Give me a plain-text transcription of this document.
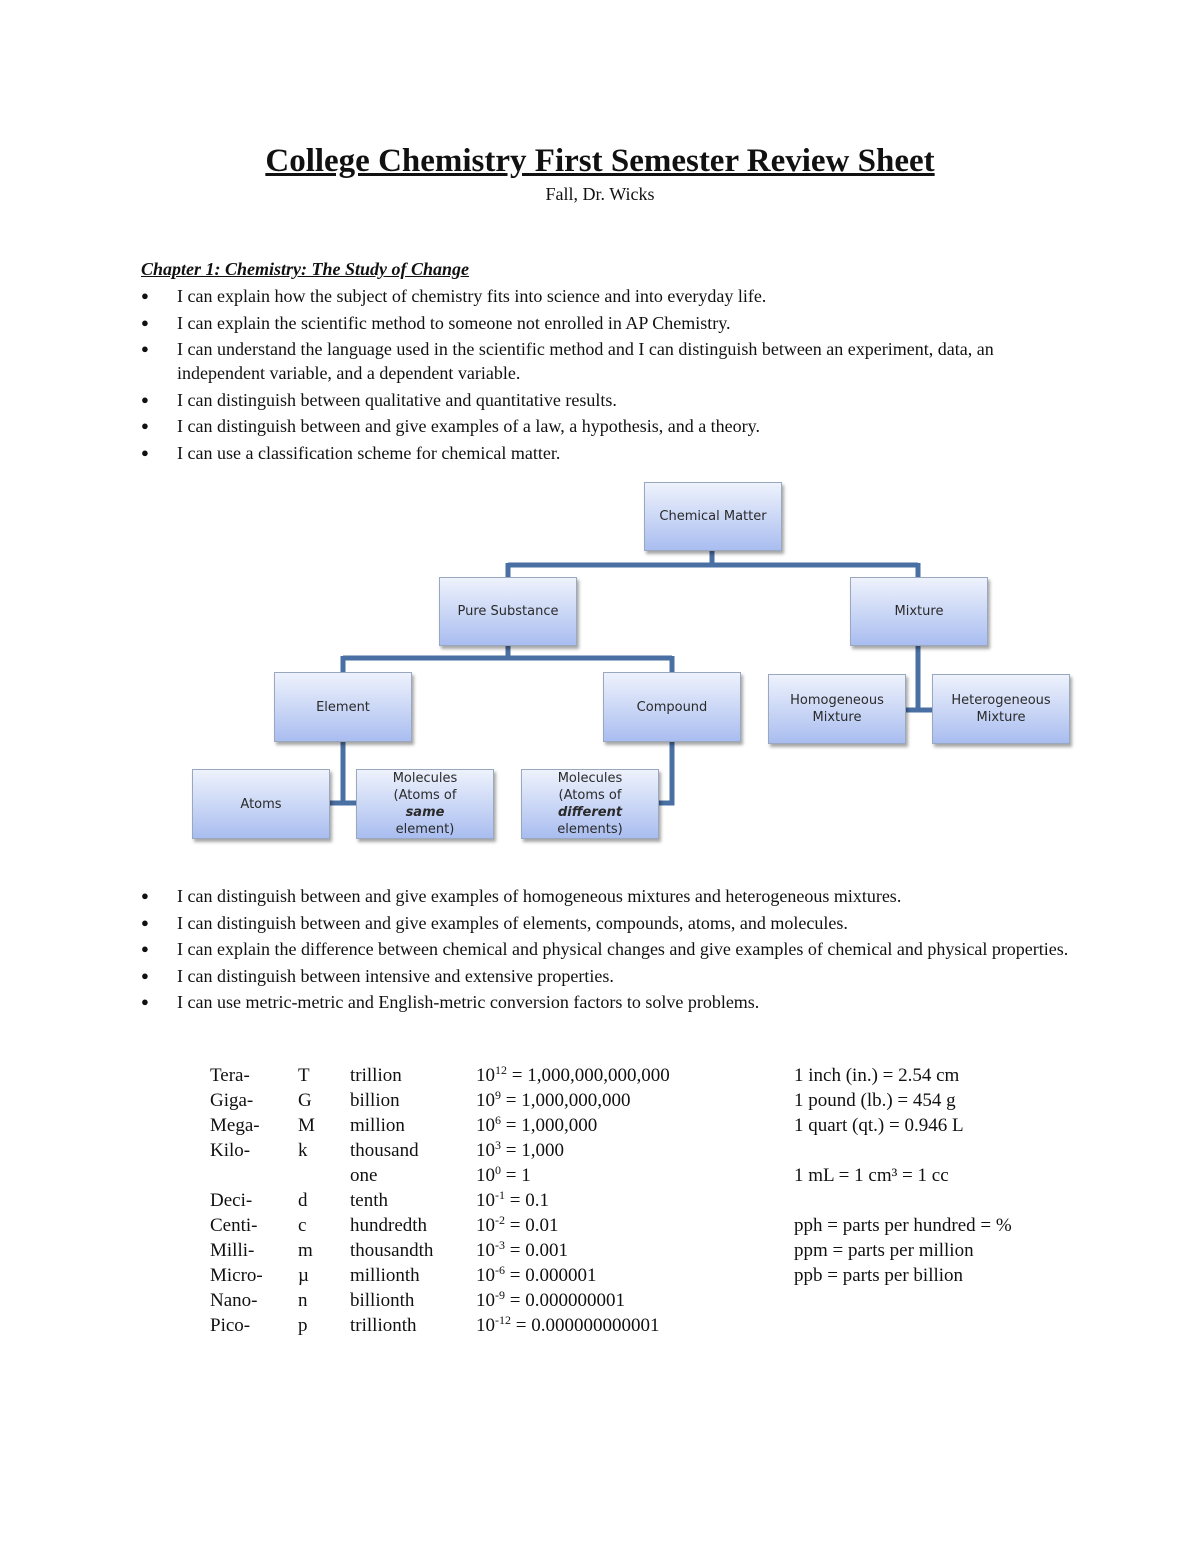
College Chemistry First Semester Review Sheet

Fall, Dr. Wicks

Chapter 1: Chemistry: The Study of Change

● I can explain how the subject of chemistry fits into science and into everyday life.
● I can explain the scientific method to someone not enrolled in AP Chemistry.
● I can understand the language used in the scientific method and I can distinguish between an experiment, data, an independent variable, and a dependent variable.
● I can distinguish between qualitative and quantitative results.
● I can distinguish between and give examples of a law, a hypothesis, and a theory.
● I can use a classification scheme for chemical matter.
Chemical Matter
Pure Substance	Mixture
Element	Compound	Homogeneous
Mixture
Heterogeneous
Mixture
Atoms
Molecules
(Atoms of
same
element)
Molecules
(Atoms of
different
elements)
● I can distinguish between and give examples of homogeneous mixtures and heterogeneous mixtures.
● I can distinguish between and give examples of elements, compounds, atoms, and molecules.
● I can explain the difference between chemical and physical changes and give examples of chemical and physical properties.
● I can distinguish between intensive and extensive properties.
● I can use metric-metric and English-metric conversion factors to solve problems.
Tera-	T	trillion	$10^{12} = 1,000,000,000,000$	1 inch (in.) = 2.54 cm
Giga-	G	billion	$10^9 = 1,000,000,000$	1 pound (lb.) = 454 g
Mega-	M	million	$10^6 = 1,000,000$	1 quart (qt.) = 0.946 L
Kilo-	k	thousand	$10^3 = 1,000$	
		one	$10^0 = 1$	1 mL = 1 cm³ = 1 cc
Deci-	d	tenth	$10^{-1} = 0.1$	
Centi-	c	hundredth	$10^{-2} = 0.01$	pph = parts per hundred = %
Milli-	m	thousandth	$10^{-3} = 0.001$	ppm = parts per million
Micro-	µ	millionth	$10^{-6} = 0.000001$	ppb = parts per billion
Nano-	n	billionth	$10^{-9} = 0.000000001$	
Pico-	p	trillionth	$10^{-12} = 0.000000000001$	
